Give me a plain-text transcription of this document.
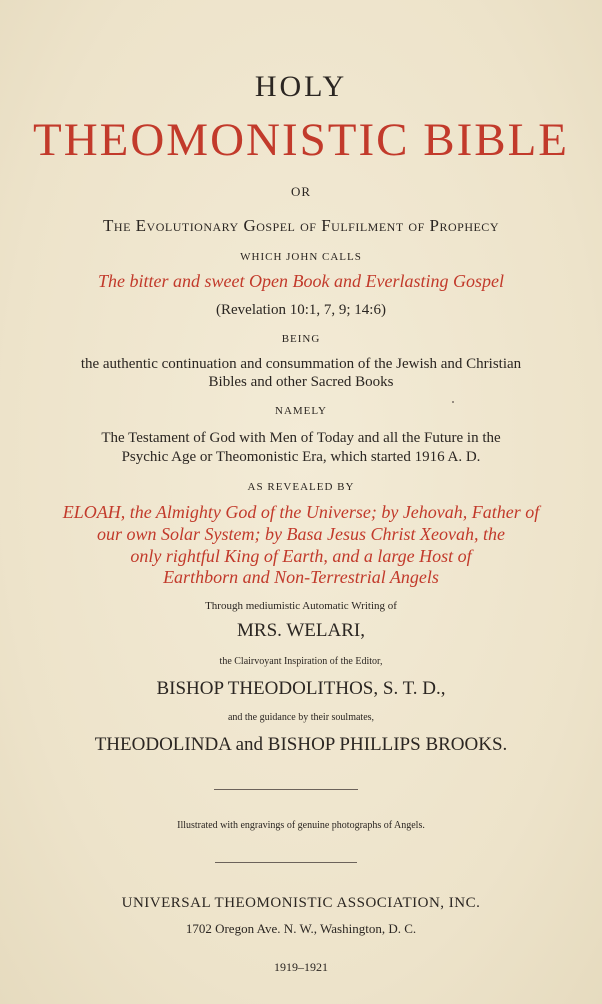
HOLY
THEOMONISTIC BIBLE
OR
The Evolutionary Gospel of Fulfilment of Prophecy
WHICH JOHN CALLS
The bitter and sweet Open Book and Everlasting Gospel
(Revelation 10:1, 7, 9; 14:6)
BEING
the authentic continuation and consummation of the Jewish and Christian
Bibles and other Sacred Books
NAMELY
The Testament of God with Men of Today and all the Future in the
Psychic Age or Theomonistic Era, which started 1916 A. D.
AS REVEALED BY
ELOAH, the Almighty God of the Universe; by Jehovah, Father of
our own Solar System; by Basa Jesus Christ Xeovah, the
only rightful King of Earth, and a large Host of
Earthborn and Non-Terrestrial Angels
Through mediumistic Automatic Writing of
MRS. WELARI,
the Clairvoyant Inspiration of the Editor,
BISHOP THEODOLITHOS, S. T. D.,
and the guidance by their soulmates,
THEODOLINDA and BISHOP PHILLIPS BROOKS.
Illustrated with engravings of genuine photographs of Angels.
UNIVERSAL THEOMONISTIC ASSOCIATION, INC.
1702 Oregon Ave. N. W., Washington, D. C.
1919–1921
